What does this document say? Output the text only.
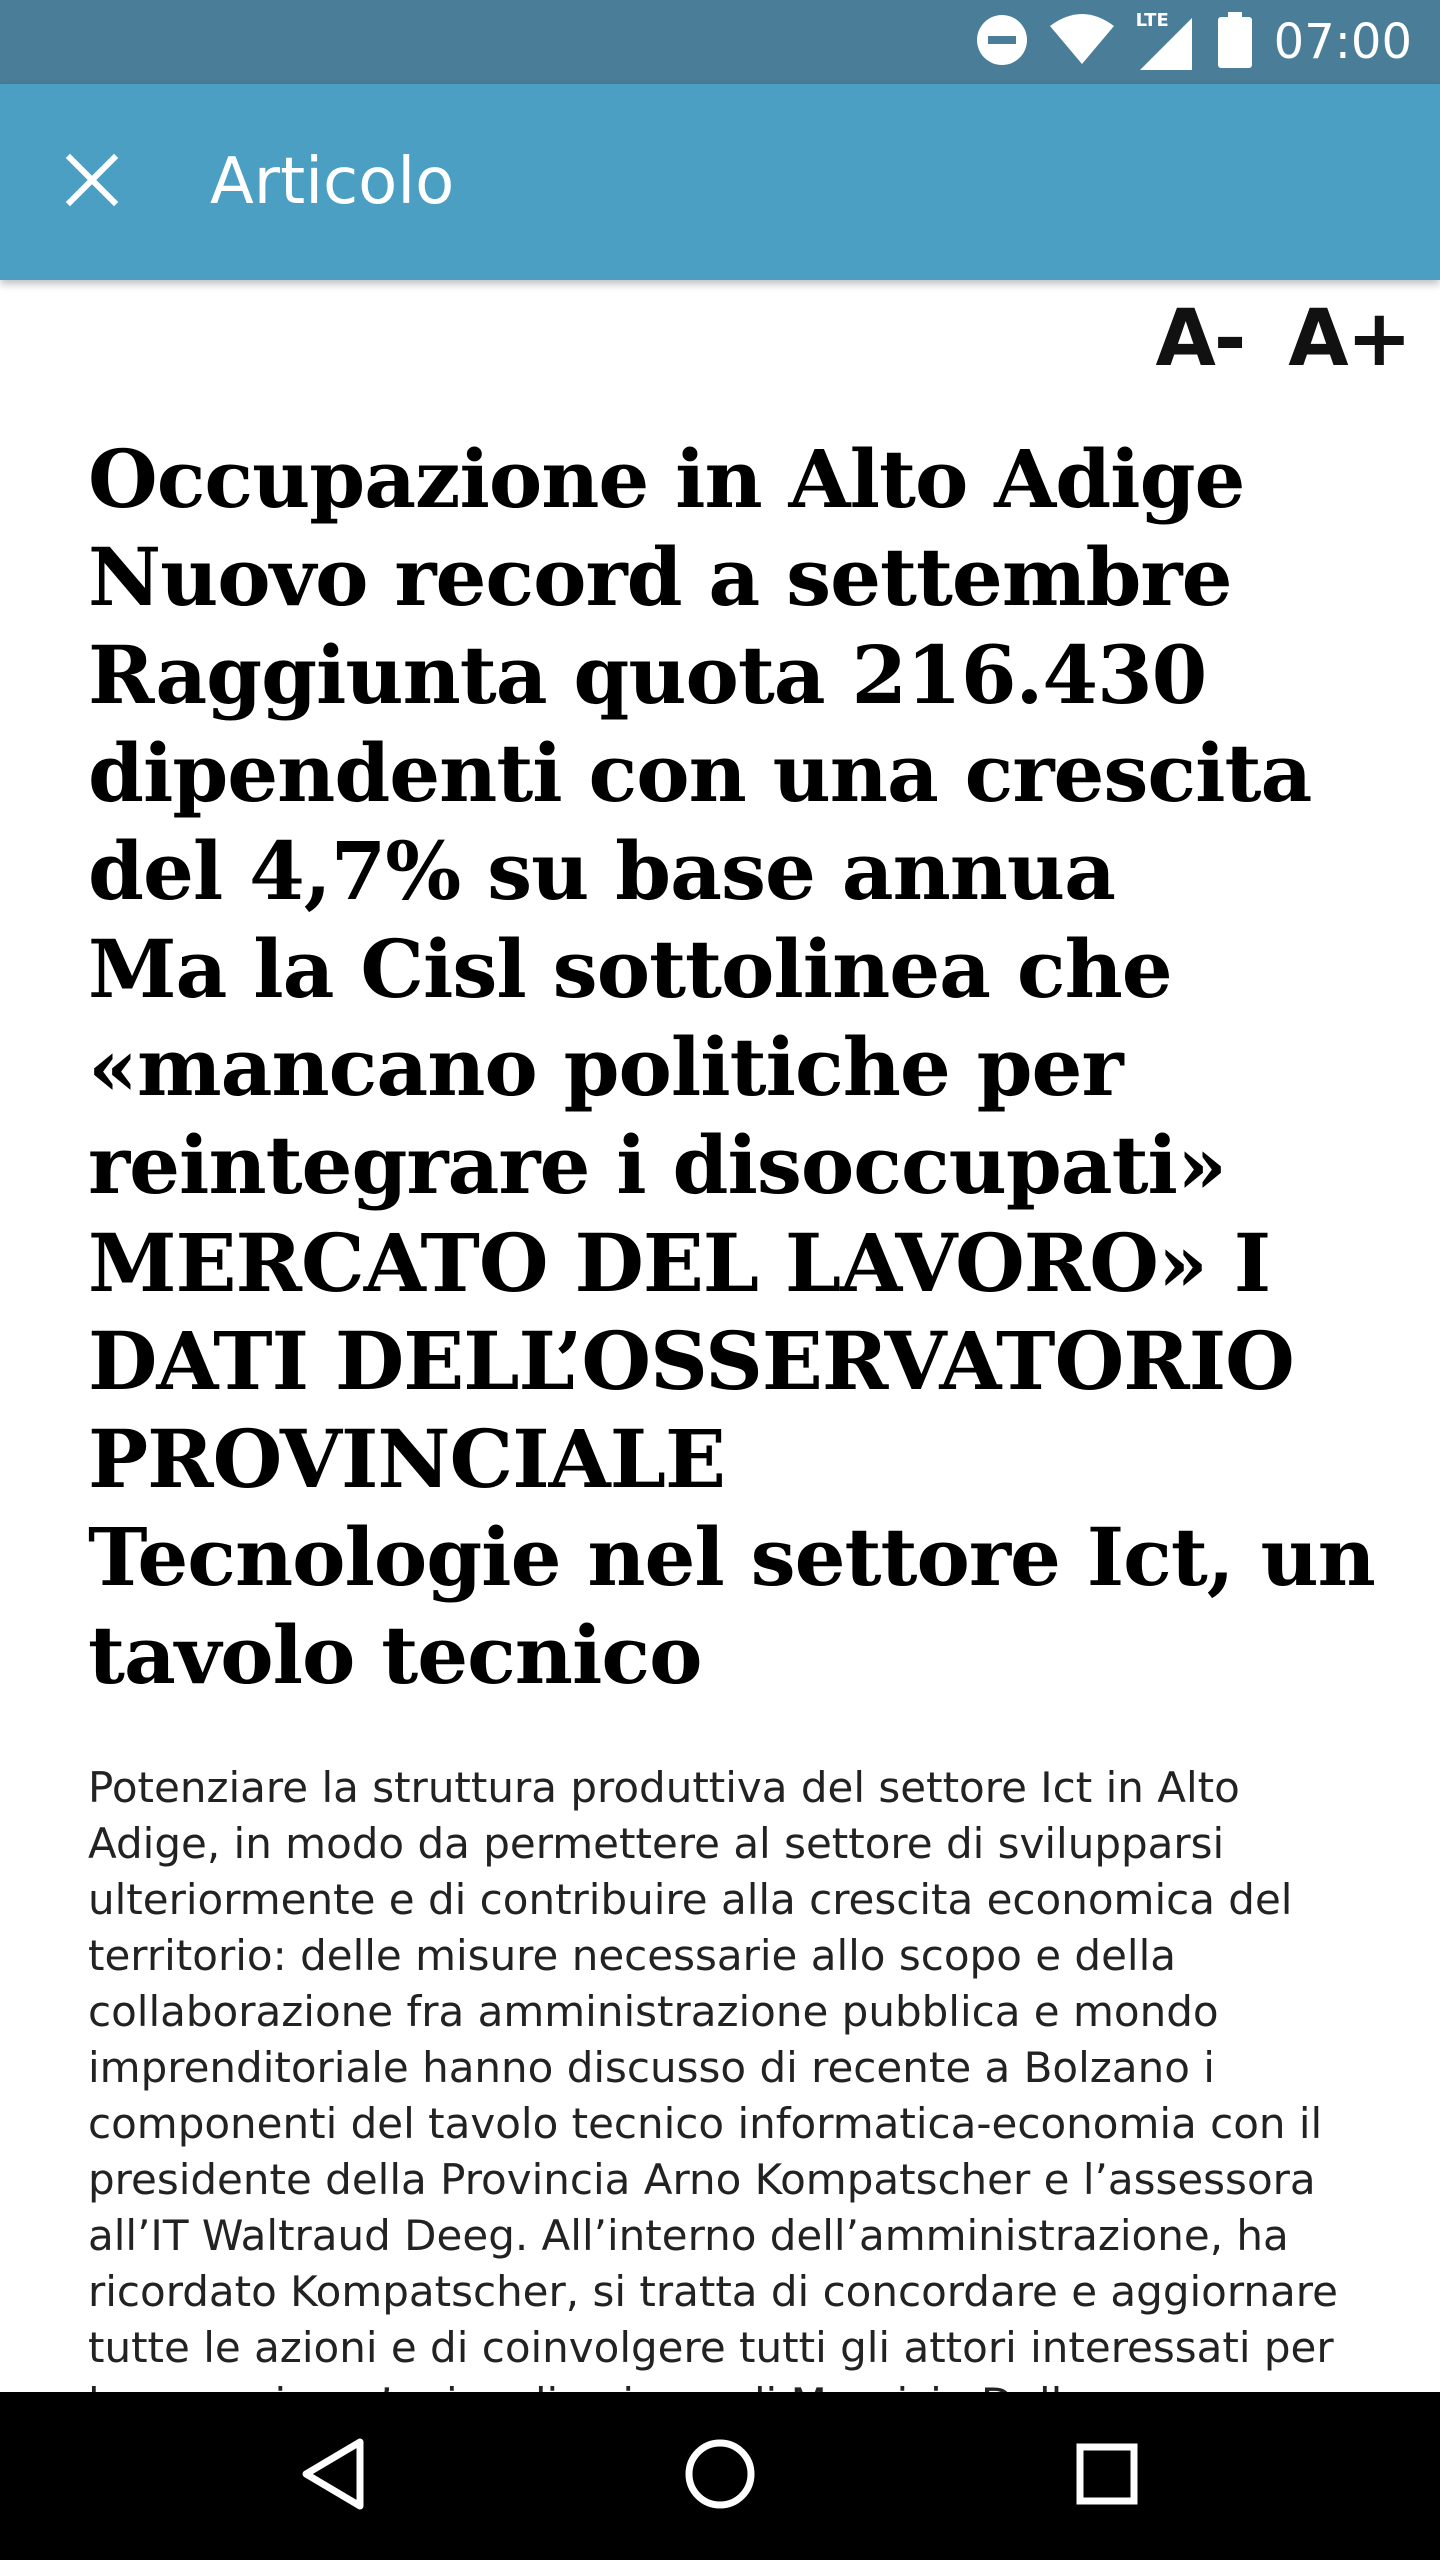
LTE 07:00
Articolo
A- A+
Occupazione in Alto Adige
Nuovo record a settembre
Raggiunta quota 216.430 dipendenti con una crescita del 4,7% su base annua
Ma la Cisl sottolinea che «mancano politiche per reintegrare i disoccupati»
MERCATO DEL LAVORO» I DATI DELL’OSSERVATORIO PROVINCIALE
Tecnologie nel settore Ict, un tavolo tecnico

Potenziare la struttura produttiva del settore Ict in Alto Adige, in modo da permettere al settore di svilupparsi ulteriormente e di contribuire alla crescita economica del territorio: delle misure necessarie allo scopo e della collaborazione fra amministrazione pubblica e mondo imprenditoriale hanno discusso di recente a Bolzano i componenti del tavolo tecnico informatica-economia con il presidente della Provincia Arno Kompatscher e l’assessora all’IT Waltraud Deeg. All’interno dell’amministrazione, ha ricordato Kompatscher, si tratta di concordare e aggiornare tutte le azioni e di coinvolgere tutti gli attori interessati per
